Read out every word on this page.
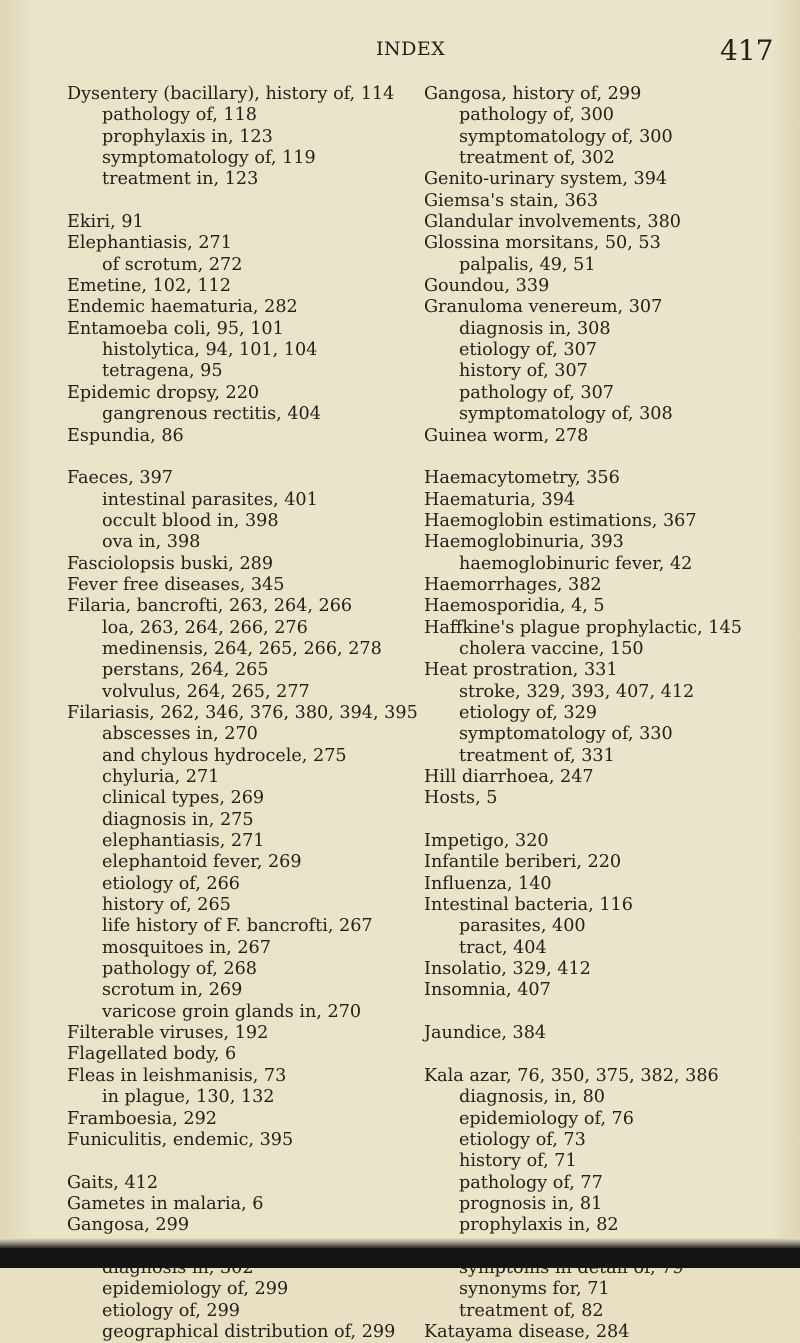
INDEX	417
Dysentery (bacillary), history of, 114
pathology of, 118
prophylaxis in, 123
symptomatology of, 119
treatment in, 123
Ekiri, 91
Elephantiasis, 271
of scrotum, 272
Emetine, 102, 112
Endemic haematuria, 282
Entamoeba coli, 95, 101
histolytica, 94, 101, 104
tetragena, 95
Epidemic dropsy, 220
gangrenous rectitis, 404
Espundia, 86
Faeces, 397
intestinal parasites, 401
occult blood in, 398
ova in, 398
Fasciolopsis buski, 289
Fever free diseases, 345
Filaria, bancrofti, 263, 264, 266
loa, 263, 264, 266, 276
medinensis, 264, 265, 266, 278
perstans, 264, 265
volvulus, 264, 265, 277
Filariasis, 262, 346, 376, 380, 394, 395
abscesses in, 270
and chylous hydrocele, 275
chyluria, 271
clinical types, 269
diagnosis in, 275
elephantiasis, 271
elephantoid fever, 269
etiology of, 266
history of, 265
life history of F. bancrofti, 267
mosquitoes in, 267
pathology of, 268
scrotum in, 269
varicose groin glands in, 270
Filterable viruses, 192
Flagellated body, 6
Fleas in leishmanisis, 73
in plague, 130, 132
Framboesia, 292
Funiculitis, endemic, 395
Gaits, 412
Gametes in malaria, 6
Gangosa, 299
epidemiology of, 299
etiology of, 299
geographical distribution of, 299
Gangosa, history of, 299
pathology of, 300
symptomatology of, 300
treatment of, 302
Genito-urinary system, 394
Giemsa's stain, 363
Glandular involvements, 380
Glossina morsitans, 50, 53
palpalis, 49, 51
Goundou, 339
Granuloma venereum, 307
diagnosis in, 308
etiology of, 307
history of, 307
pathology of, 307
symptomatology of, 308
Guinea worm, 278
Haemacytometry, 356
Haematuria, 394
Haemoglobin estimations, 367
Haemoglobinuria, 393
haemoglobinuric fever, 42
Haemorrhages, 382
Haemosporidia, 4, 5
Haffkine's plague prophylactic, 145
cholera vaccine, 150
Heat prostration, 331
stroke, 329, 393, 407, 412
etiology of, 329
symptomatology of, 330
treatment of, 331
Hill diarrhoea, 247
Hosts, 5
Impetigo, 320
Infantile beriberi, 220
Influenza, 140
Intestinal bacteria, 116
parasites, 400
tract, 404
Insolatio, 329, 412
Insomnia, 407
Jaundice, 384
Kala azar, 76, 350, 375, 382, 386
diagnosis, in, 80
epidemiology of, 76
etiology of, 73
history of, 71
pathology of, 77
prognosis in, 81
prophylaxis in, 82
synonyms for, 71
treatment of, 82
Katayama disease, 284
